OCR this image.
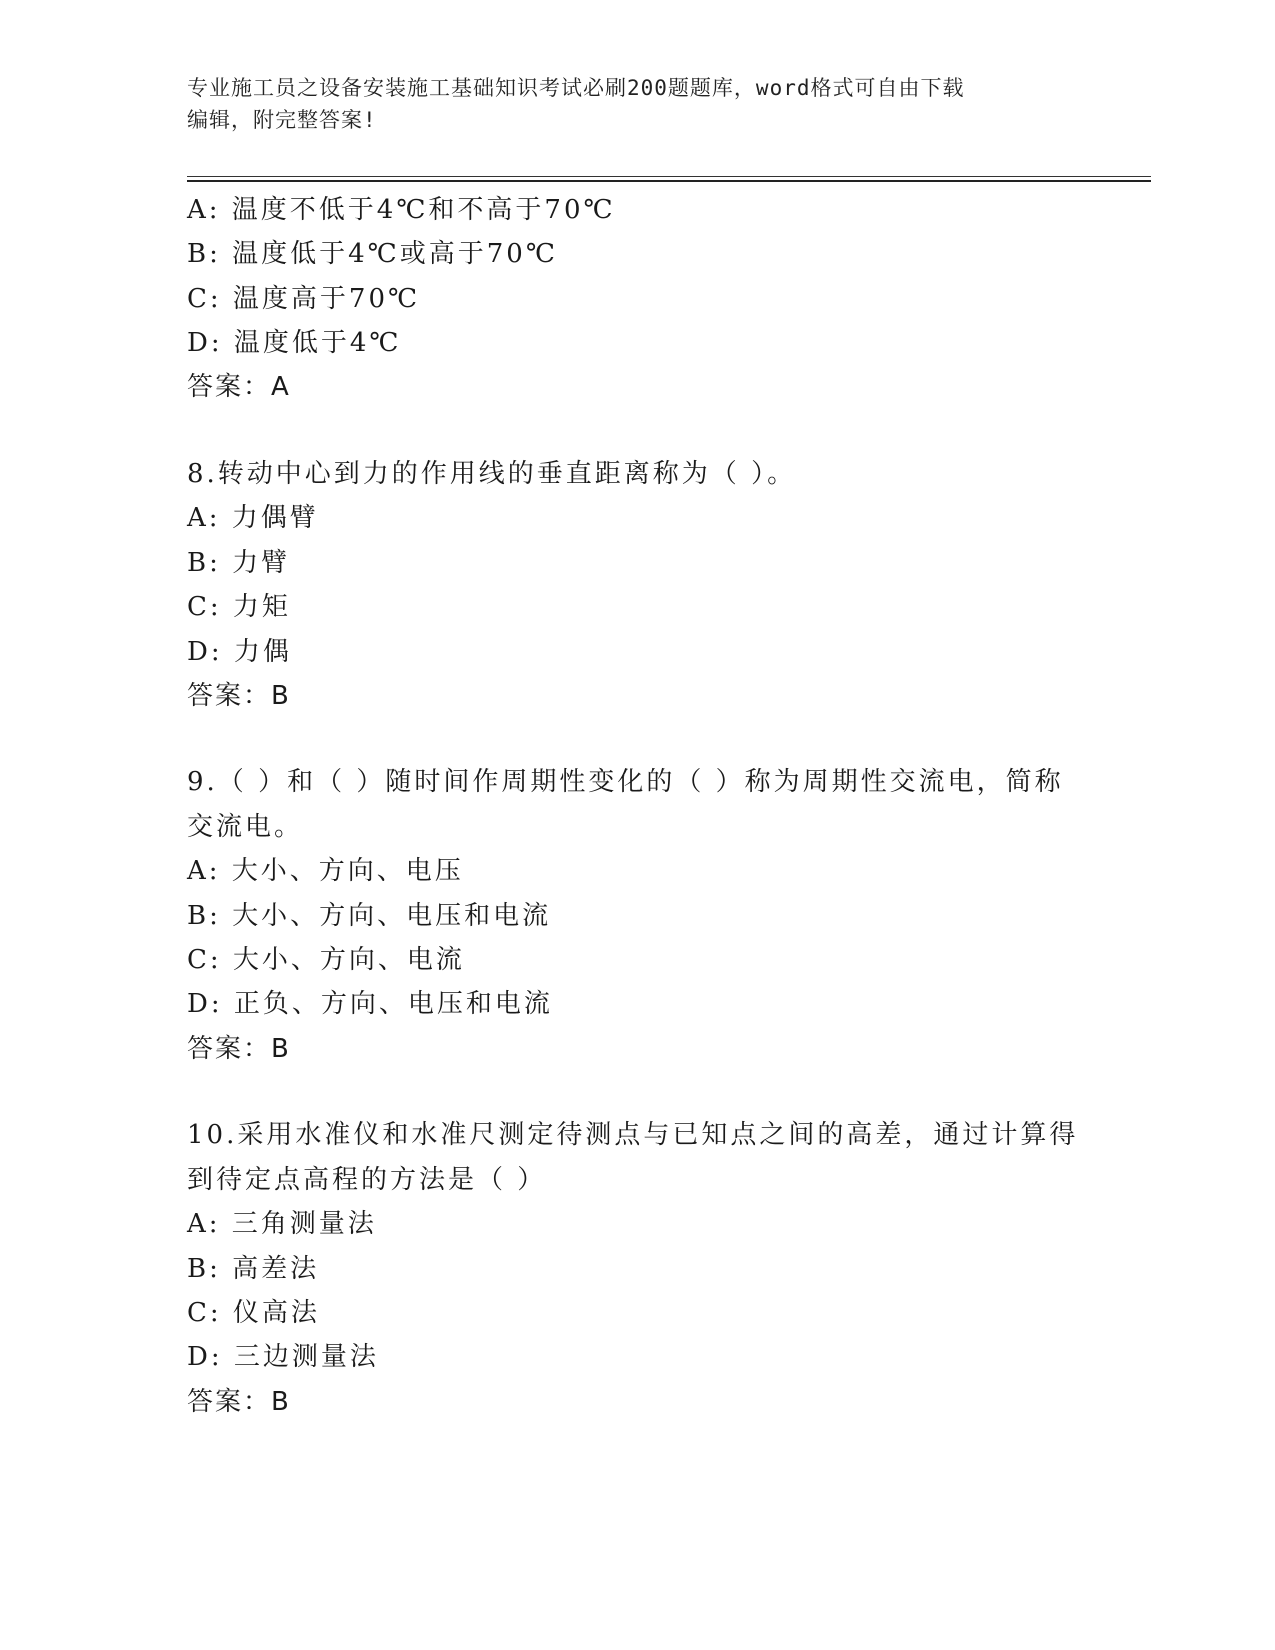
专业施工员之设备安装施工基础知识考试必刷200题题库，word格式可自由下载
编辑，附完整答案!
A: 温度不低于4℃和不高于70℃
B: 温度低于4℃或高于70℃
C: 温度高于70℃
D: 温度低于4℃
答案：A
8.转动中心到力的作用线的垂直距离称为（ ）。
A: 力偶臂
B: 力臂
C: 力矩
D: 力偶
答案：B
9.（ ）和（ ）随时间作周期性变化的（ ）称为周期性交流电，简称
交流电。
A: 大小、方向、电压
B: 大小、方向、电压和电流
C: 大小、方向、电流
D: 正负、方向、电压和电流
答案：B
10.采用水准仪和水准尺测定待测点与已知点之间的高差，通过计算得
到待定点高程的方法是（ ）
A: 三角测量法
B: 高差法
C: 仪高法
D: 三边测量法
答案：B
